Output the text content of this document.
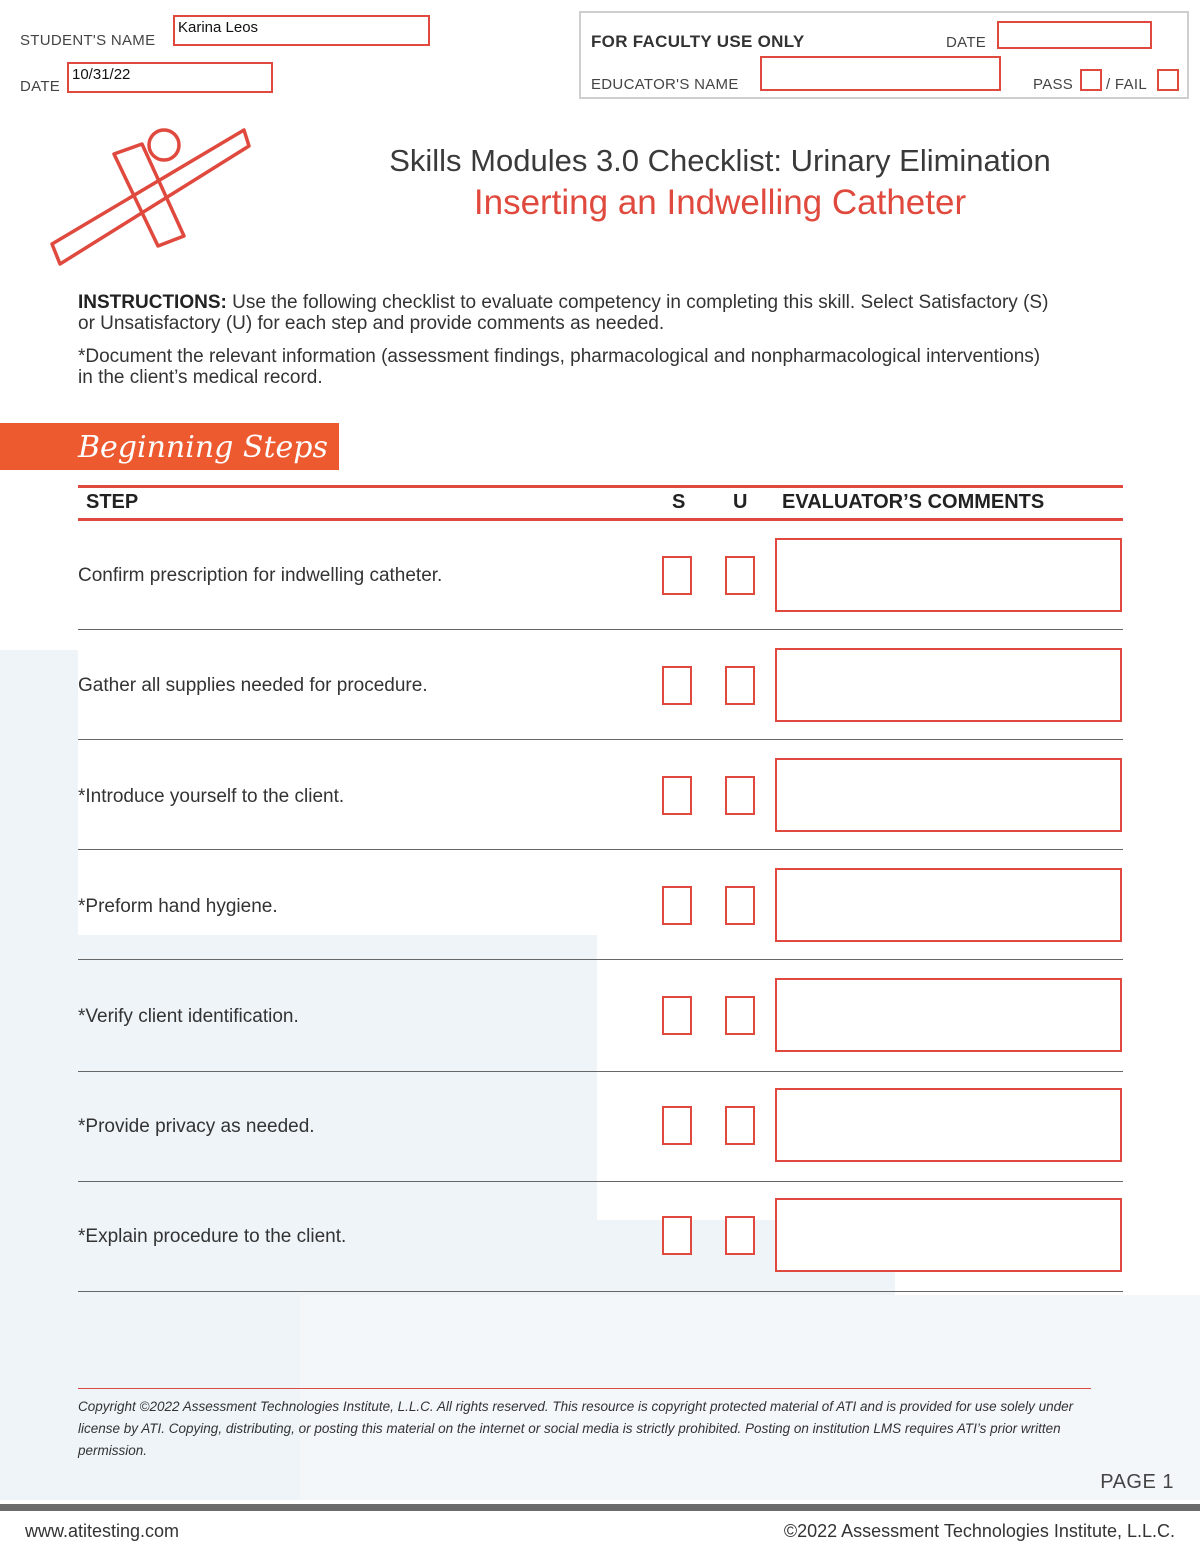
STUDENT'S NAME
Karina Leos
DATE
10/31/22
FOR FACULTY USE ONLY	DATE
EDUCATOR'S NAME	PASS / FAIL
Skills Modules 3.0 Checklist: Urinary Elimination
Inserting an Indwelling Catheter

INSTRUCTIONS: Use the following checklist to evaluate competency in completing this skill. Select Satisfactory (S) or Unsatisfactory (U) for each step and provide comments as needed.

*Document the relevant information (assessment findings, pharmacological and nonpharmacological interventions) in the client’s medical record.

Beginning Steps
STEP	S U EVALUATOR’S COMMENTS
Confirm prescription for indwelling catheter.
Gather all supplies needed for procedure.
*Introduce yourself to the client.
*Preform hand hygiene.
*Verify client identification.
*Provide privacy as needed.
*Explain procedure to the client.
Copyright ©2022 Assessment Technologies Institute, L.L.C. All rights reserved. This resource is copyright protected material of ATI and is provided for use solely under license by ATI. Copying, distributing, or posting this material on the internet or social media is strictly prohibited. Posting on institution LMS requires ATI’s prior written permission.
PAGE 1
www.atitesting.com	©2022 Assessment Technologies Institute, L.L.C.
